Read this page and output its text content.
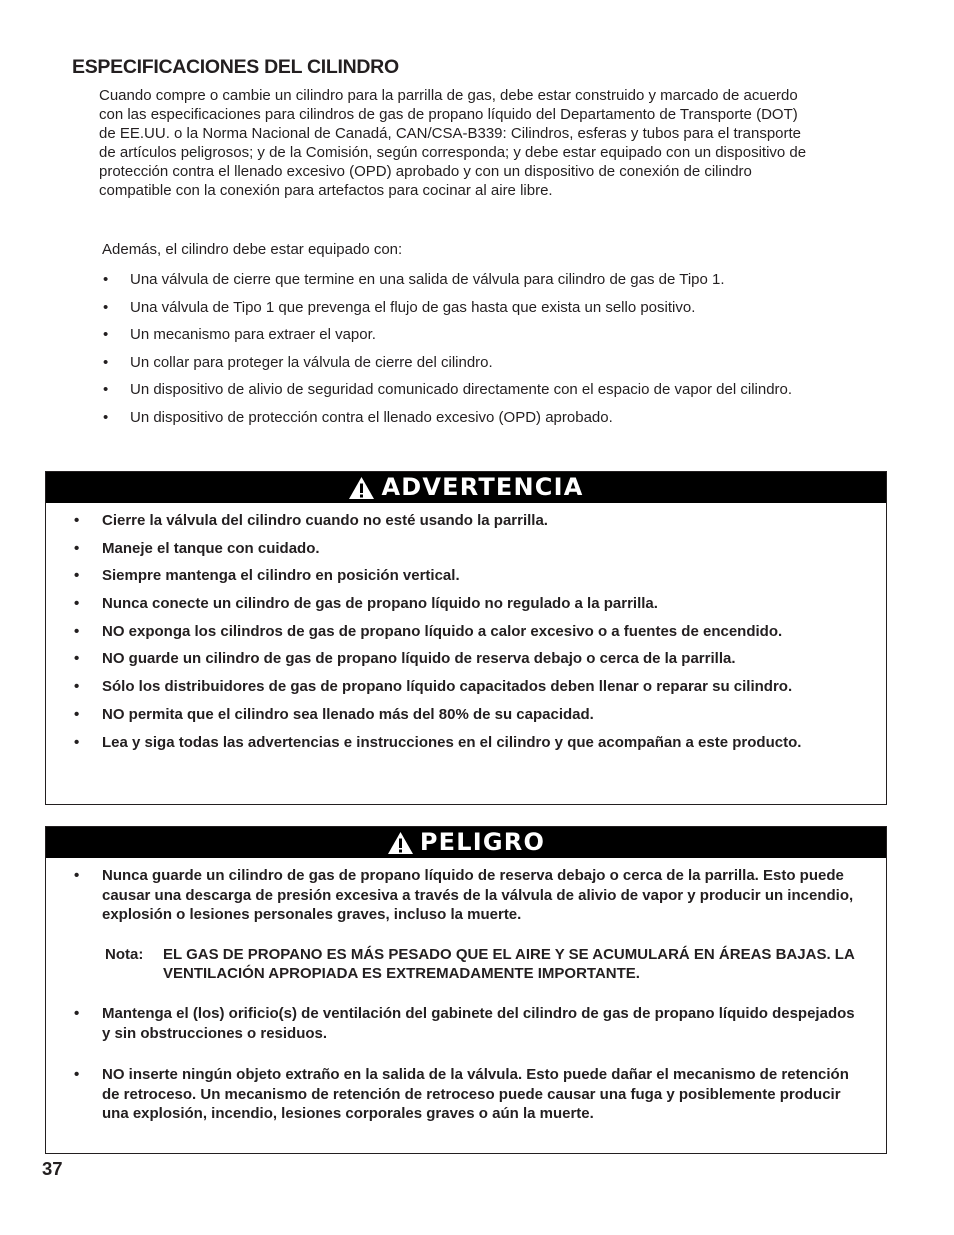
ESPECIFICACIONES DEL CILINDRO
Cuando compre o cambie un cilindro para la parrilla de gas, debe estar construido y marcado de acuerdo
con las especificaciones para cilindros de gas de propano líquido del Departamento de Transporte (DOT)
de EE.UU. o la Norma Nacional de Canadá, CAN/CSA-B339: Cilindros, esferas y tubos para el transporte
de artículos peligrosos; y de la Comisión, según corresponda; y debe estar equipado con un dispositivo de
protección contra el llenado excesivo (OPD) aprobado y con un dispositivo de conexión de cilindro
compatible con la conexión para artefactos para cocinar al aire libre.
Además, el cilindro debe estar equipado con:
• Una válvula de cierre que termine en una salida de válvula para cilindro de gas de Tipo 1.
• Una válvula de Tipo 1 que prevenga el flujo de gas hasta que exista un sello positivo.
• Un mecanismo para extraer el vapor.
• Un collar para proteger la válvula de cierre del cilindro.
• Un dispositivo de alivio de seguridad comunicado directamente con el espacio de vapor del cilindro.
• Un dispositivo de protección contra el llenado excesivo (OPD) aprobado.
ADVERTENCIA
• Cierre la válvula del cilindro cuando no esté usando la parrilla.
• Maneje el tanque con cuidado.
• Siempre mantenga el cilindro en posición vertical.
• Nunca conecte un cilindro de gas de propano líquido no regulado a la parrilla.
• NO exponga los cilindros de gas de propano líquido a calor excesivo o a fuentes de encendido.
• NO guarde un cilindro de gas de propano líquido de reserva debajo o cerca de la parrilla.
• Sólo los distribuidores de gas de propano líquido capacitados deben llenar o reparar su cilindro.
• NO permita que el cilindro sea llenado más del 80% de su capacidad.
• Lea y siga todas las advertencias e instrucciones en el cilindro y que acompañan a este producto.
PELIGRO
• Nunca guarde un cilindro de gas de propano líquido de reserva debajo o cerca de la parrilla. Esto puede causar una descarga de presión excesiva a través de la válvula de alivio de vapor y producir un incendio, explosión o lesiones personales graves, incluso la muerte.
Nota: EL GAS DE PROPANO ES MÁS PESADO QUE EL AIRE Y SE ACUMULARÁ EN ÁREAS BAJAS. LA VENTILACIÓN APROPIADA ES EXTREMADAMENTE IMPORTANTE.
• Mantenga el (los) orificio(s) de ventilación del gabinete del cilindro de gas de propano líquido despejados y sin obstrucciones o residuos.
• NO inserte ningún objeto extraño en la salida de la válvula. Esto puede dañar el mecanismo de retención de retroceso. Un mecanismo de retención de retroceso puede causar una fuga y posiblemente producir una explosión, incendio, lesiones corporales graves o aún la muerte.
37
